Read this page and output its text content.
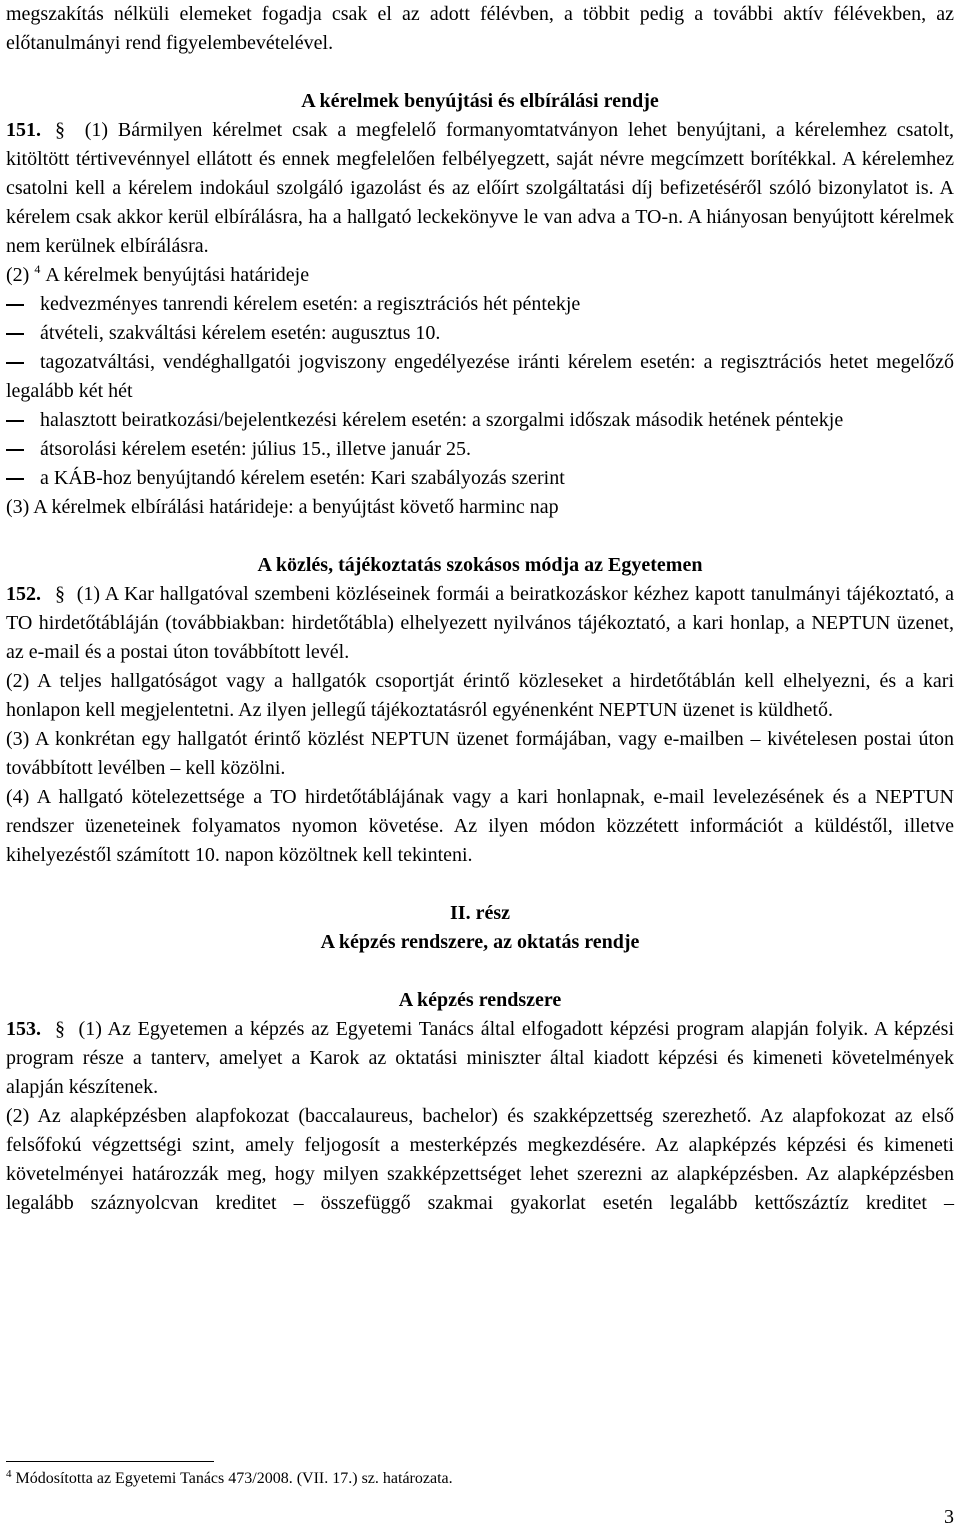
megszakítás nélküli elemeket fogadja csak el az adott félévben, a többit pedig a további aktív félévekben, az előtanulmányi rend figyelembevételével.

A kérelmek benyújtási és elbírálási rendje

151. § (1) Bármilyen kérelmet csak a megfelelő formanyomtatványon lehet benyújtani, a kérelemhez csatolt, kitöltött tértivevénnyel ellátott és ennek megfelelően felbélyegzett, saját névre megcímzett borítékkal. A kérelemhez csatolni kell a kérelem indokául szolgáló igazolást és az előírt szolgáltatási díj befizetéséről szóló bizonylatot is. A kérelem csak akkor kerül elbírálásra, ha a hallgató leckekönyve le van adva a TO-n. A hiányosan benyújtott kérelmek nem kerülnek elbírálásra.

(2) $^4$ A kérelmek benyújtási határideje

kedvezményes tanrendi kérelem esetén: a regisztrációs hét péntekje

átvételi, szakváltási kérelem esetén: augusztus 10.

tagozatváltási, vendéghallgatói jogviszony engedélyezése iránti kérelem esetén: a regisztrációs hetet megelőző legalább két hét

halasztott beiratkozási/bejelentkezési kérelem esetén: a szorgalmi időszak második hetének péntekje

átsorolási kérelem esetén: július 15., illetve január 25.

a KÁB-hoz benyújtandó kérelem esetén: Kari szabályozás szerint

(3) A kérelmek elbírálási határideje: a benyújtást követő harminc nap

A közlés, tájékoztatás szokásos módja az Egyetemen

152. § (1) A Kar hallgatóval szembeni közléseinek formái a beiratkozáskor kézhez kapott tanulmányi tájékoztató, a TO hirdetőtábláján (továbbiakban: hirdetőtábla) elhelyezett nyilvános tájékoztató, a kari honlap, a NEPTUN üzenet, az e-mail és a postai úton továbbított levél.

(2) A teljes hallgatóságot vagy a hallgatók csoportját érintő közleseket a hirdetőtáblán kell elhelyezni, és a kari honlapon kell megjelentetni. Az ilyen jellegű tájékoztatásról egyénenként NEPTUN üzenet is küldhető.

(3) A konkrétan egy hallgatót érintő közlést NEPTUN üzenet formájában, vagy e-mailben – kivételesen postai úton továbbított levélben – kell közölni.

(4) A hallgató kötelezettsége a TO hirdetőtáblájának vagy a kari honlapnak, e-mail levelezésének és a NEPTUN rendszer üzeneteinek folyamatos nyomon követése. Az ilyen módon közzétett információt a küldéstől, illetve kihelyezéstől számított 10. napon közöltnek kell tekinteni.

II. rész

A képzés rendszere, az oktatás rendje

A képzés rendszere

153. § (1) Az Egyetemen a képzés az Egyetemi Tanács által elfogadott képzési program alapján folyik. A képzési program része a tanterv, amelyet a Karok az oktatási miniszter által kiadott képzési és kimeneti követelmények alapján készítenek.

(2) Az alapképzésben alapfokozat (baccalaureus, bachelor) és szakképzettség szerezhető. Az alapfokozat az első felsőfokú végzettségi szint, amely feljogosít a mesterképzés megkezdésére. Az alapképzés képzési és kimeneti követelményei határozzák meg, hogy milyen szakképzettséget lehet szerezni az alapképzésben. Az alapképzésben legalább száznyolcvan kreditet – összefüggő szakmai gyakorlat esetén legalább kettőszáztíz kreditet –

$^4$ Módosította az Egyetemi Tanács 473/2008. (VII. 17.) sz. határozata.
3
